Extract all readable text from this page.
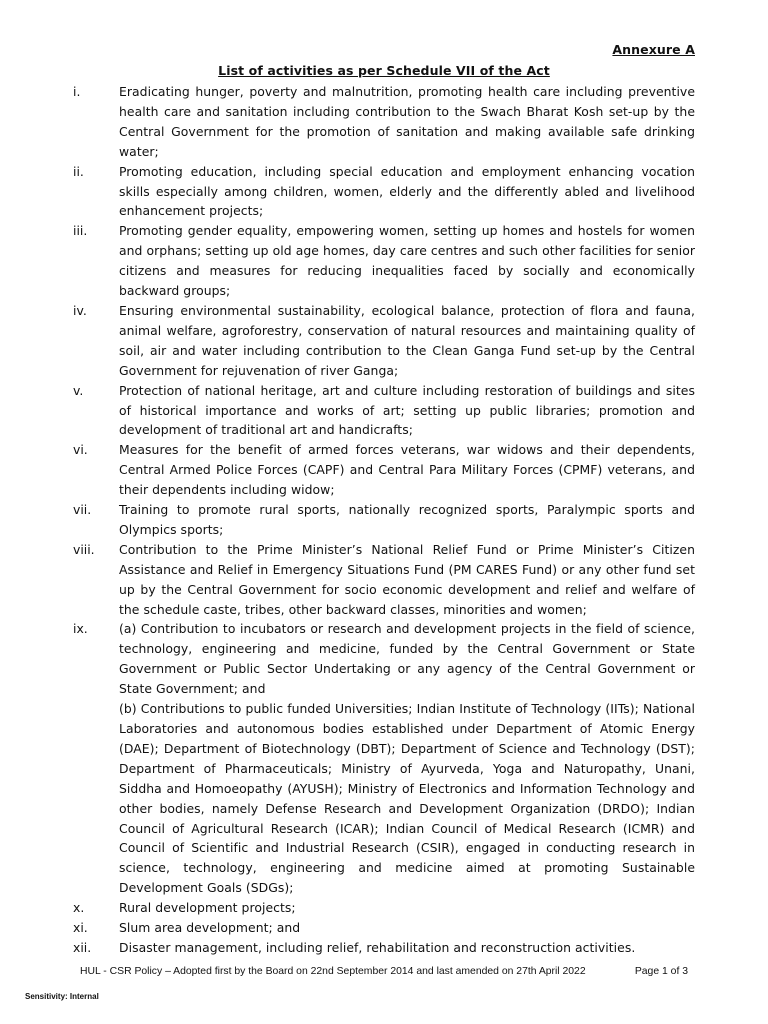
Annexure A
List of activities as per Schedule VII of the Act
i.	Eradicating hunger, poverty and malnutrition, promoting health care including preventive health care and sanitation including contribution to the Swach Bharat Kosh set-up by the Central Government for the promotion of sanitation and making available safe drinking water;

ii.	Promoting education, including special education and employment enhancing vocation skills especially among children, women, elderly and the differently abled and livelihood enhancement projects;

iii.	Promoting gender equality, empowering women, setting up homes and hostels for women and orphans; setting up old age homes, day care centres and such other facilities for senior citizens and measures for reducing inequalities faced by socially and economically backward groups;

iv.	Ensuring environmental sustainability, ecological balance, protection of flora and fauna, animal welfare, agroforestry, conservation of natural resources and maintaining quality of soil, air and water including contribution to the Clean Ganga Fund set-up by the Central Government for rejuvenation of river Ganga;

v.	Protection of national heritage, art and culture including restoration of buildings and sites of historical importance and works of art; setting up public libraries; promotion and development of traditional art and handicrafts;

vi.	Measures for the benefit of armed forces veterans, war widows and their dependents, Central Armed Police Forces (CAPF) and Central Para Military Forces (CPMF) veterans, and their dependents including widow;

vii.	Training to promote rural sports, nationally recognized sports, Paralympic sports and Olympics sports;

viii.	Contribution to the Prime Minister’s National Relief Fund or Prime Minister’s Citizen Assistance and Relief in Emergency Situations Fund (PM CARES Fund) or any other fund set up by the Central Government for socio economic development and relief and welfare of the schedule caste, tribes, other backward classes, minorities and women;

ix.	(a) Contribution to incubators or research and development projects in the field of science, technology, engineering and medicine, funded by the Central Government or State Government or Public Sector Undertaking or any agency of the Central Government or State Government; and

(b) Contributions to public funded Universities; Indian Institute of Technology (IITs); National Laboratories and autonomous bodies established under Department of Atomic Energy (DAE); Department of Biotechnology (DBT); Department of Science and Technology (DST); Department of Pharmaceuticals; Ministry of Ayurveda, Yoga and Naturopathy, Unani, Siddha and Homoeopathy (AYUSH); Ministry of Electronics and Information Technology and other bodies, namely Defense Research and Development Organization (DRDO); Indian Council of Agricultural Research (ICAR); Indian Council of Medical Research (ICMR) and Council of Scientific and Industrial Research (CSIR), engaged in conducting research in science, technology, engineering and medicine aimed at promoting Sustainable Development Goals (SDGs);

x.	Rural development projects;

xi.	Slum area development; and

xii.	Disaster management, including relief, rehabilitation and reconstruction activities.

HUL - CSR Policy – Adopted first by the Board on 22nd September 2014 and last amended on 27th April 2022	Page 1 of 3
Sensitivity: Internal
